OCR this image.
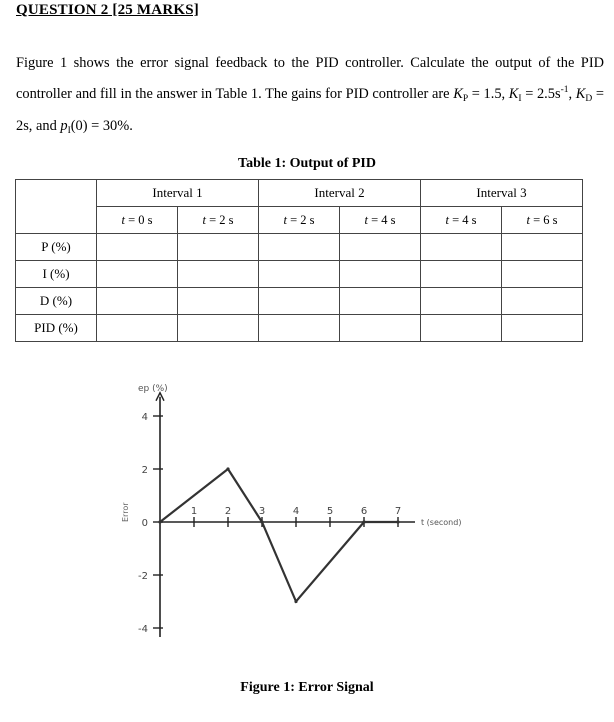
QUESTION 2 [25 MARKS]
Figure 1 shows the error signal feedback to the PID controller. Calculate the output of the PID controller and fill in the answer in Table 1. The gains for PID controller are $K_P = 1.5$, $K_I = 2.5s^{-1}$, $K_D = 2s$, and $p_I(0) = 30\%$.
Table 1: Output of PID
	Interval 1		Interval 2		Interval 3	
	t = 0 s	t = 2 s	t = 2 s	t = 4 s	t = 4 s	t = 6 s
P (%)						
I (%)						
D (%)						
PID (%)						
4
2
0
-2
-4
1	2	3	4	5	6	7
ep (%)
t (second)
Error
Figure 1: Error Signal
